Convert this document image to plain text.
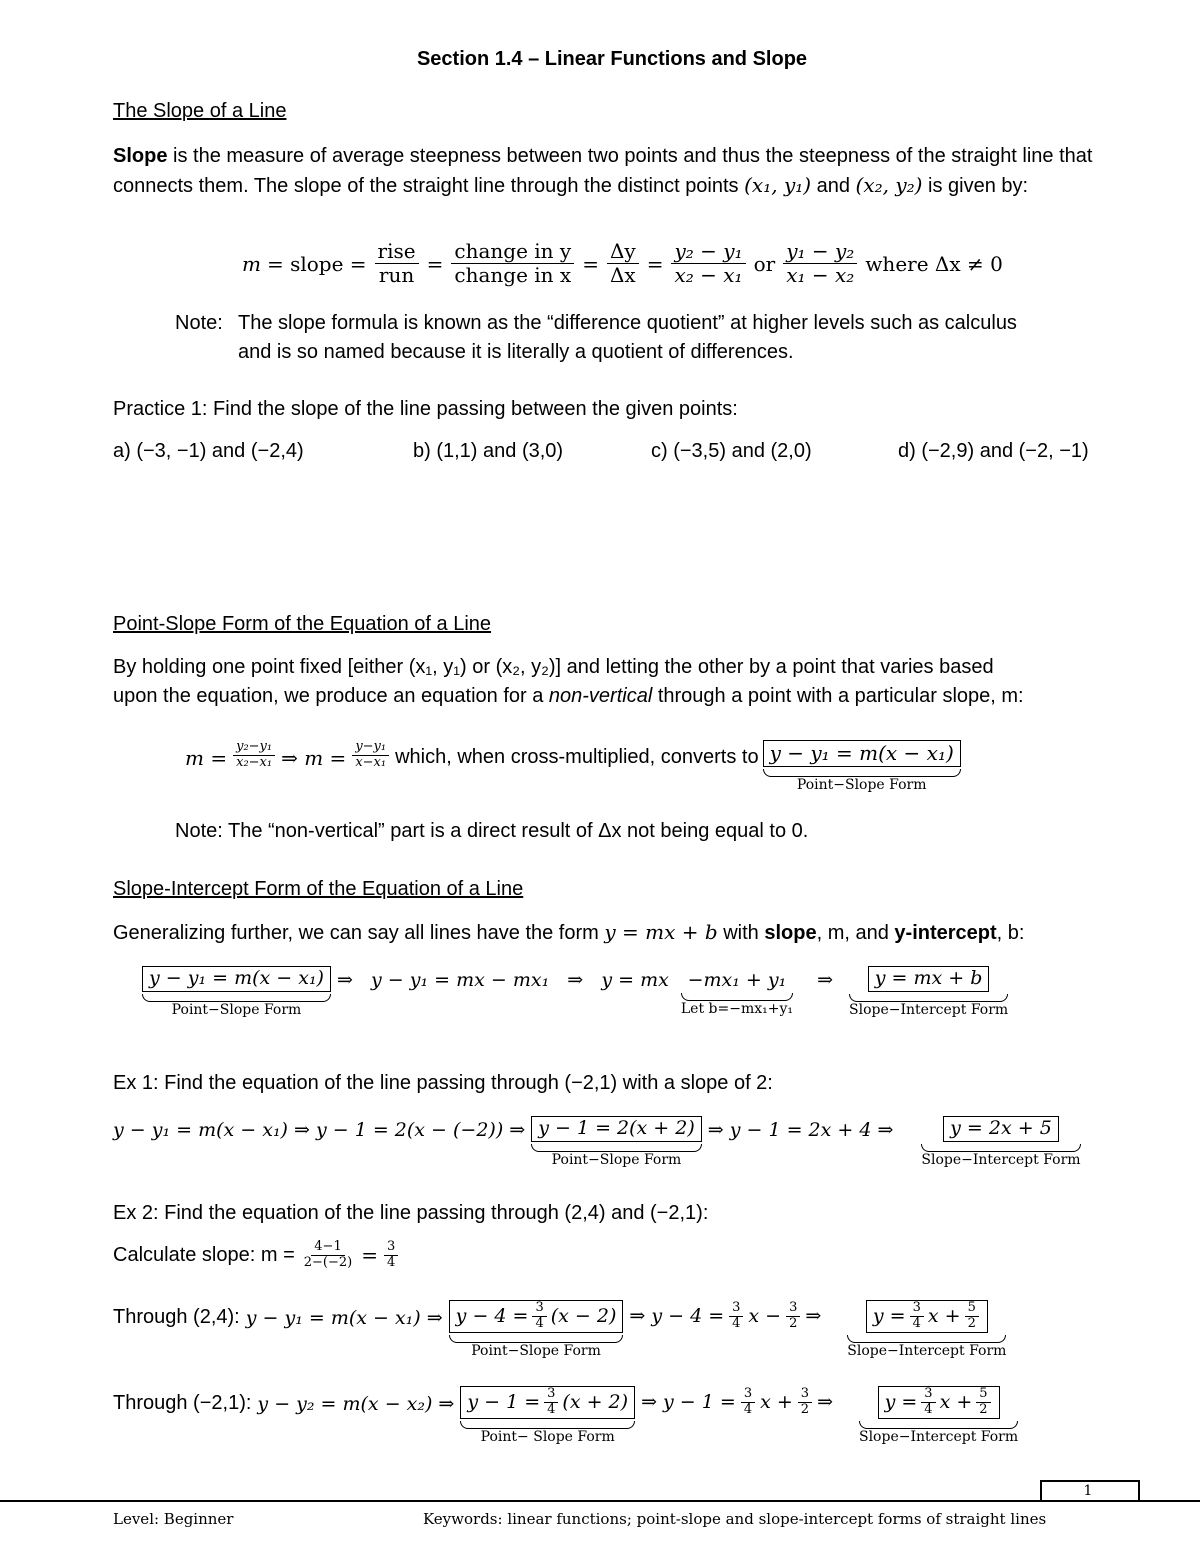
Section 1.4 – Linear Functions and Slope
The Slope of a Line
Slope is the measure of average steepness between two points and thus the steepness of the straight line that connects them. The slope of the straight line through the distinct points (x₁, y₁) and (x₂, y₂) is given by:
m = slope = $\frac{\text{rise}}{\text{run}} = \frac{\text{change in y}}{\text{change in x}} = \frac{\Delta y}{\Delta x} = \frac{\text{y₂ − y₁}}{\text{x₂ − x₁}}$ or $\frac{\text{y₁ − y₂}}{\text{x₁ − x₂}}$ where Δx ≠ 0
Note: The slope formula is known as the “difference quotient” at higher levels such as calculus
and is so named because it is literally a quotient of differences.
Practice 1: Find the slope of the line passing between the given points:
a) (−3, −1) and (−2,4)	b) (1,1) and (3,0)	c) (−3,5) and (2,0)	d) (−2,9) and (−2, −1)
Point-Slope Form of the Equation of a Line
By holding one point fixed [either (x₁, y₁) or (x₂, y₂)] and letting the other by a point that varies based
upon the equation, we produce an equation for a non-vertical through a point with a particular slope, m:
$m = \frac{\text{y₂−y₁}}{\text{x₂−x₁}}$ ⇒ $m = \frac{\text{y−y₁}}{\text{x−x₁}}$ which, when cross-multiplied, converts to y − y₁ = m(x − x₁)
Point−Slope Form
Note: The “non-vertical” part is a direct result of Δx not being equal to 0.
Slope-Intercept Form of the Equation of a Line
Generalizing further, we can say all lines have the form y = mx + b with slope, m, and y-intercept, b:
y − y₁ = m(x − x₁)
Point−Slope Form
⇒   y − y₁ = mx − mx₁   ⇒   y = mx −mx₁ + y₁
Let b=−mx₁+y₁
⇒	y = mx + b
Slope−Intercept Form
Ex 1: Find the equation of the line passing through (−2,1) with a slope of 2:
y − y₁ = m(x − x₁) ⇒ y − 1 = 2(x − (−2)) ⇒ y − 1 = 2(x + 2)
Point−Slope Form
⇒ y − 1 = 2x + 4 ⇒	y = 2x + 5
Slope−Intercept Form
Ex 2: Find the equation of the line passing through (2,4) and (−2,1):
Calculate slope: $m = \frac{4-1}{2-(-2)} = \frac{3}{4}$
Through (2,4): y − y₁ = m(x − x₁) ⇒ $y - 4 = \frac{3}{4} (x - 2)$
Point−Slope Form
⇒ $y - 4 = \frac{3}{4}$ $x - \frac{3}{2}$ ⇒	$y = \frac{3}{4}$ $x + \frac{5}{2}$
Slope−Intercept Form
Through (−2,1): y − y₂ = m(x − x₂) ⇒ $y - 1 = \frac{3}{4} (x + 2)$
Point− Slope Form
⇒ $y - 1 = \frac{3}{4}$ $x + \frac{3}{2}$ ⇒	$y = \frac{3}{4}$ $x + \frac{5}{2}$
Slope−Intercept Form
1
Level: Beginner	Keywords: linear functions; point-slope and slope-intercept forms of straight lines
